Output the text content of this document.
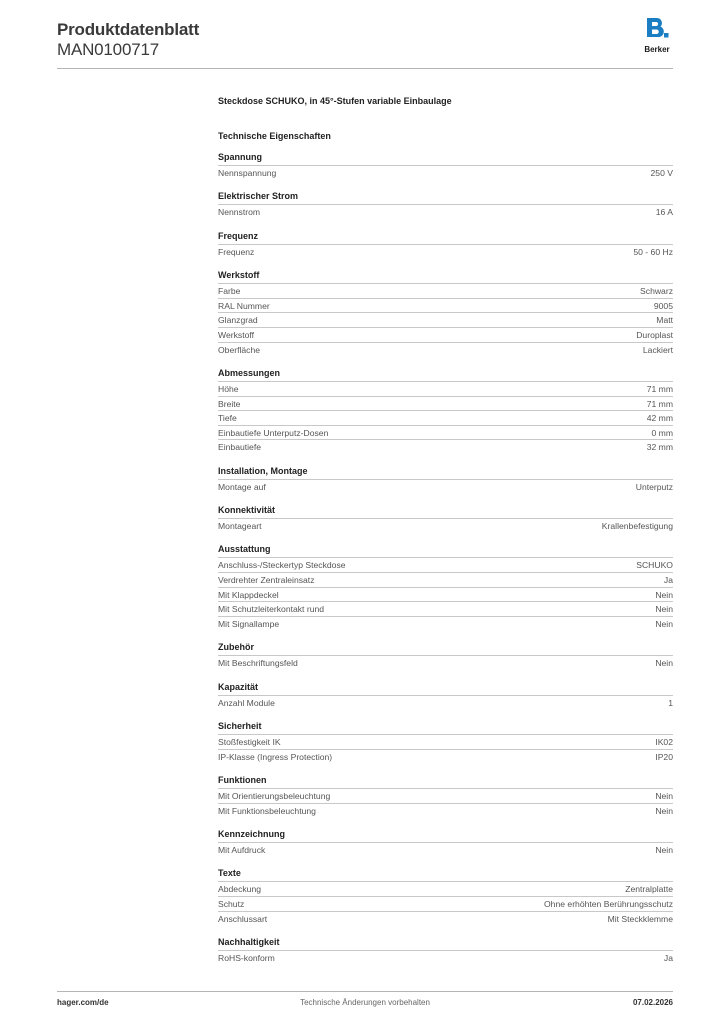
Produktdatenblatt
MAN0100717	Berker
Steckdose SCHUKO, in 45°-Stufen variable Einbaulage
Technische Eigenschaften
Spannung
Nennspannung	250 V
Elektrischer Strom
Nennstrom	16 A
Frequenz
Frequenz	50 - 60 Hz
Werkstoff
Farbe	Schwarz
RAL Nummer	9005
Glanzgrad	Matt
Werkstoff	Duroplast
Oberfläche	Lackiert
Abmessungen
Höhe	71 mm
Breite	71 mm
Tiefe	42 mm
Einbautiefe Unterputz-Dosen	0 mm
Einbautiefe	32 mm
Installation, Montage
Montage auf	Unterputz
Konnektivität
Montageart	Krallenbefestigung
Ausstattung
Anschluss-/Steckertyp Steckdose	SCHUKO
Verdrehter Zentraleinsatz	Ja
Mit Klappdeckel	Nein
Mit Schutzleiterkontakt rund	Nein
Mit Signallampe	Nein
Zubehör
Mit Beschriftungsfeld	Nein
Kapazität
Anzahl Module	1
Sicherheit
Stoßfestigkeit IK	IK02
IP-Klasse (Ingress Protection)	IP20
Funktionen
Mit Orientierungsbeleuchtung	Nein
Mit Funktionsbeleuchtung	Nein
Kennzeichnung
Mit Aufdruck	Nein
Texte
Abdeckung	Zentralplatte
Schutz	Ohne erhöhten Berührungsschutz
Anschlussart	Mit Steckklemme
Nachhaltigkeit
RoHS-konform	Ja
hager.com/de	Technische Änderungen vorbehalten	07.02.2026
